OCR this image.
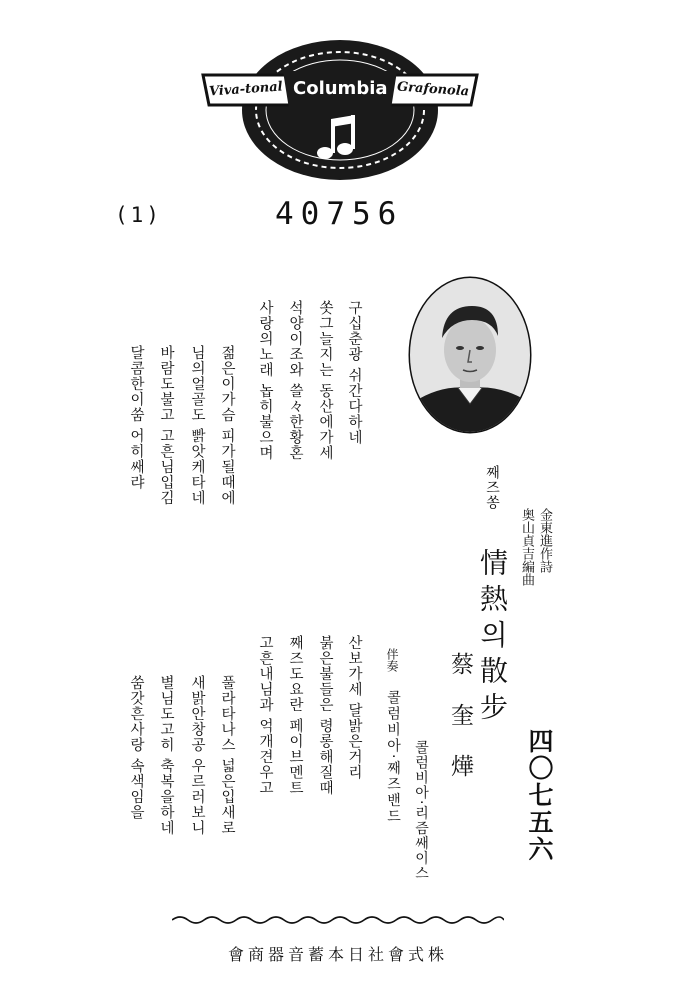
Viva-tonal Columbia Grafonola
(1)	40756
구십춘광 쉬간다하네
쏫그늘지는 동산에가세
석양이조와 쓸々한황혼
사랑의노래 놉히불으며
젊은이가슴 피가될때에
님의얼골도 빩앗케타네
바람도불고 고흔님입김
달콤한이쑴 어히쌔랴
산보가세 달밝은거리
붉은불들은 령롱해질때
째즈도요란 페이브멘트
고흔내님과 억개견우고
풀라타나스 넓은입새로
새밝안창공 우르러보니
별님도고히 축복을하네
쑴갓흔사랑 속색임을
째즈쏭
金東進作詩
奥山貞吉編曲
情熱의散步
四〇七五六
蔡奎燁
콜럼비아·리즘쌔이스
伴奏
콜럼비아·째즈밴드
株式會社日本蓄音器商會
